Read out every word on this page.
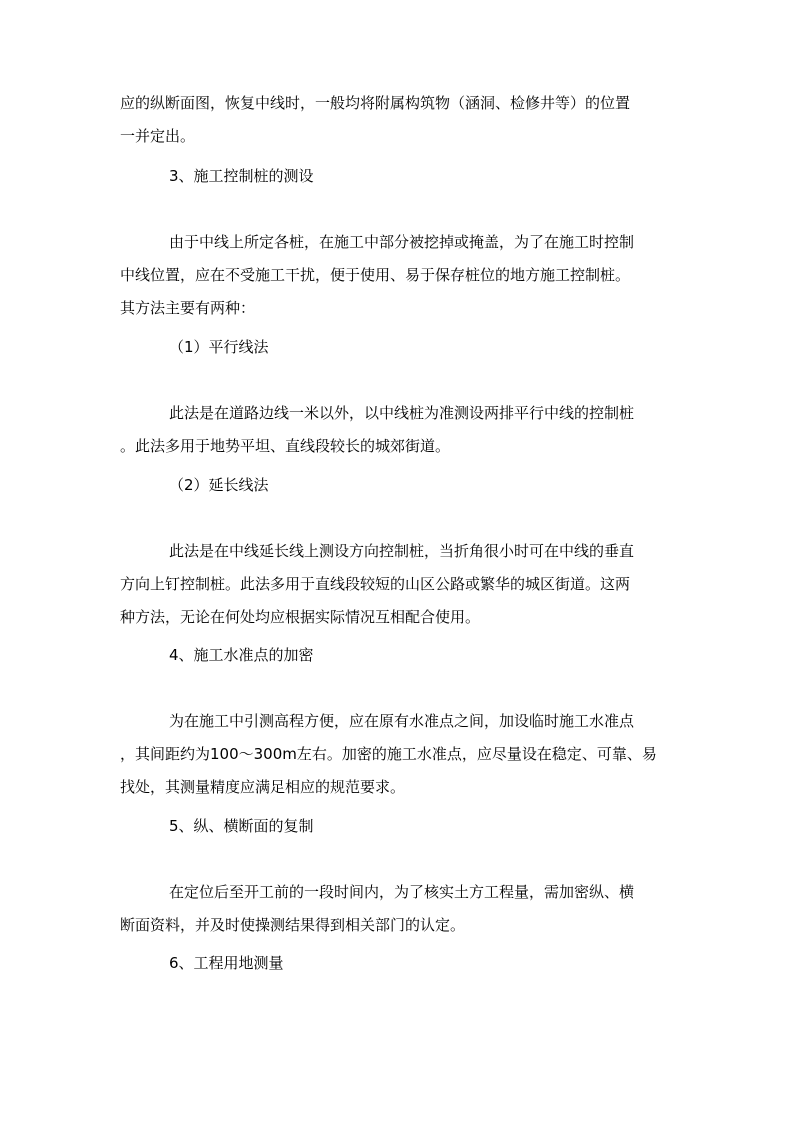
应的纵断面图，恢复中线时，一般均将附属构筑物（涵洞、检修井等）的位置
一并定出。
3、施工控制桩的测设
由于中线上所定各桩，在施工中部分被挖掉或掩盖，为了在施工时控制
中线位置，应在不受施工干扰，便于使用、易于保存桩位的地方施工控制桩。
其方法主要有两种：
（1）平行线法
此法是在道路边线一米以外，以中线桩为准测设两排平行中线的控制桩
。此法多用于地势平坦、直线段较长的城郊街道。
（2）延长线法
此法是在中线延长线上测设方向控制桩，当折角很小时可在中线的垂直
方向上钉控制桩。此法多用于直线段较短的山区公路或繁华的城区街道。这两
种方法，无论在何处均应根据实际情况互相配合使用。
4、施工水准点的加密
为在施工中引测高程方便，应在原有水准点之间，加设临时施工水准点
，其间距约为100～300m左右。加密的施工水准点，应尽量设在稳定、可靠、易
找处，其测量精度应满足相应的规范要求。
5、纵、横断面的复制
在定位后至开工前的一段时间内，为了核实土方工程量，需加密纵、横
断面资料，并及时使操测结果得到相关部门的认定。
6、工程用地测量
